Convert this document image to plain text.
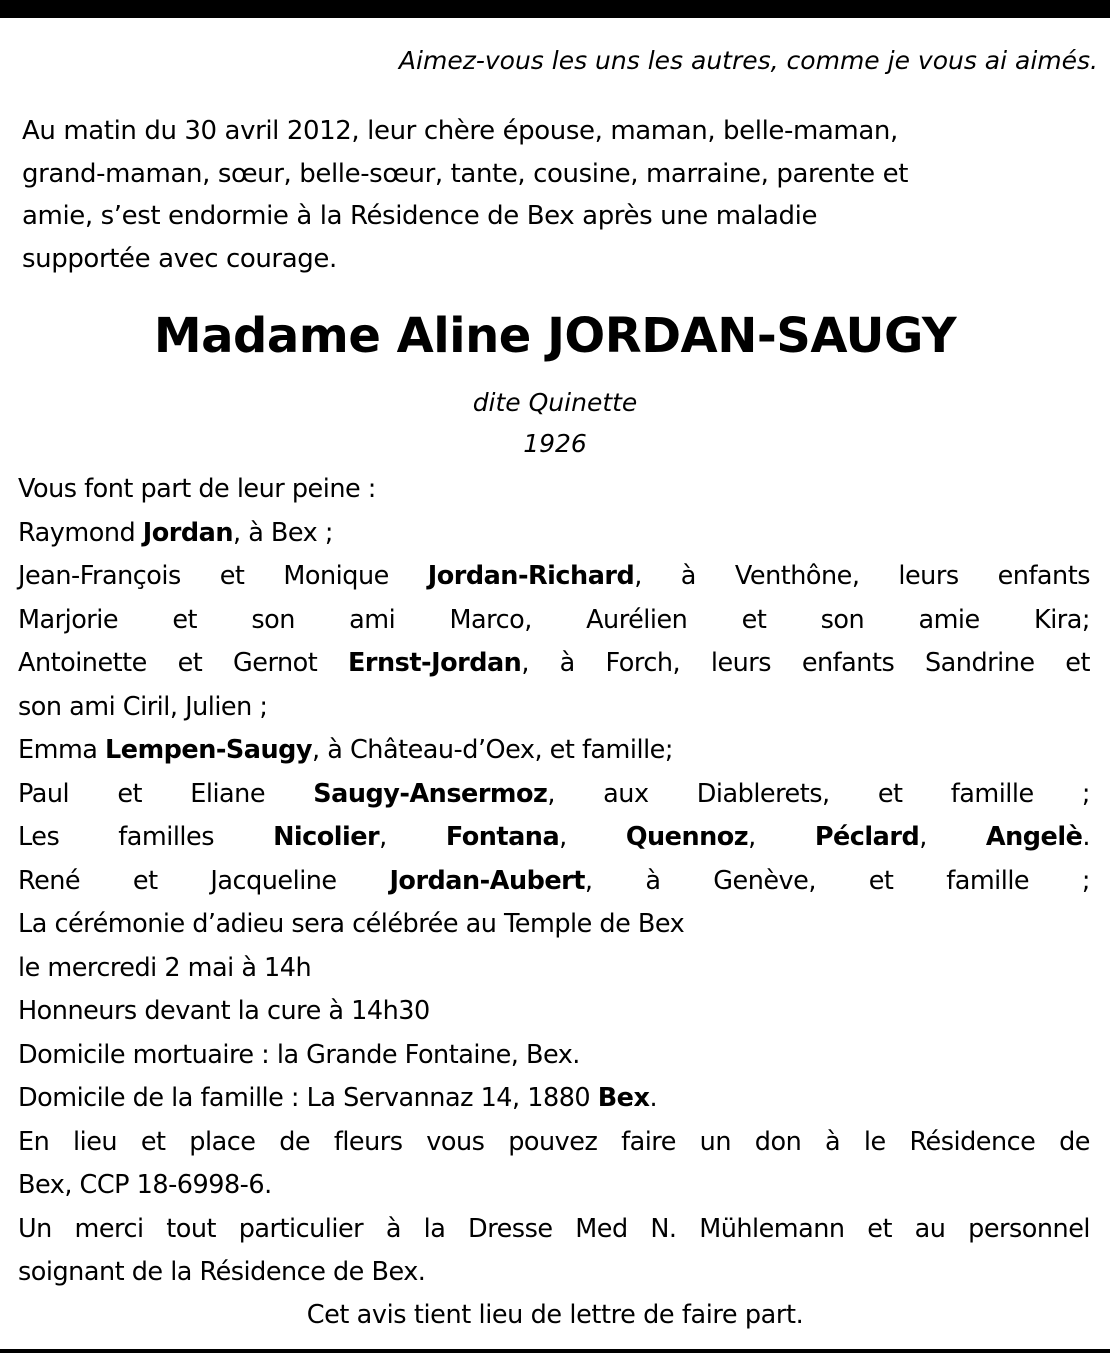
Aimez-vous les uns les autres, comme je vous ai aimés.
Au matin du 30 avril 2012, leur chère épouse, maman, belle-maman,
grand-maman, sœur, belle-sœur, tante, cousine, marraine, parente et
amie, s’est endormie à la Résidence de Bex après une maladie
supportée avec courage.
Madame Aline JORDAN-SAUGY
dite Quinette
1926
Vous font part de leur peine :
Raymond Jordan, à Bex ;
Jean-François et Monique Jordan-Richard, à Venthône, leurs enfants
Marjorie et son ami Marco, Aurélien et son amie Kira;
Antoinette et Gernot Ernst-Jordan, à Forch, leurs enfants Sandrine et
son ami Ciril, Julien ;
Emma Lempen-Saugy, à Château-d’Oex, et famille;
Paul et Eliane Saugy-Ansermoz, aux Diablerets, et famille ;
Les familles Nicolier, Fontana, Quennoz, Péclard, Angelè.
René et Jacqueline Jordan-Aubert, à Genève, et famille ;
La cérémonie d’adieu sera célébrée au Temple de Bex
le mercredi 2 mai à 14h
Honneurs devant la cure à 14h30
Domicile mortuaire : la Grande Fontaine, Bex.
Domicile de la famille : La Servannaz 14, 1880 Bex.
En lieu et place de fleurs vous pouvez faire un don à le Résidence de
Bex, CCP 18-6998-6.
Un merci tout particulier à la Dresse Med N. Mühlemann et au personnel
soignant de la Résidence de Bex.
Cet avis tient lieu de lettre de faire part.
